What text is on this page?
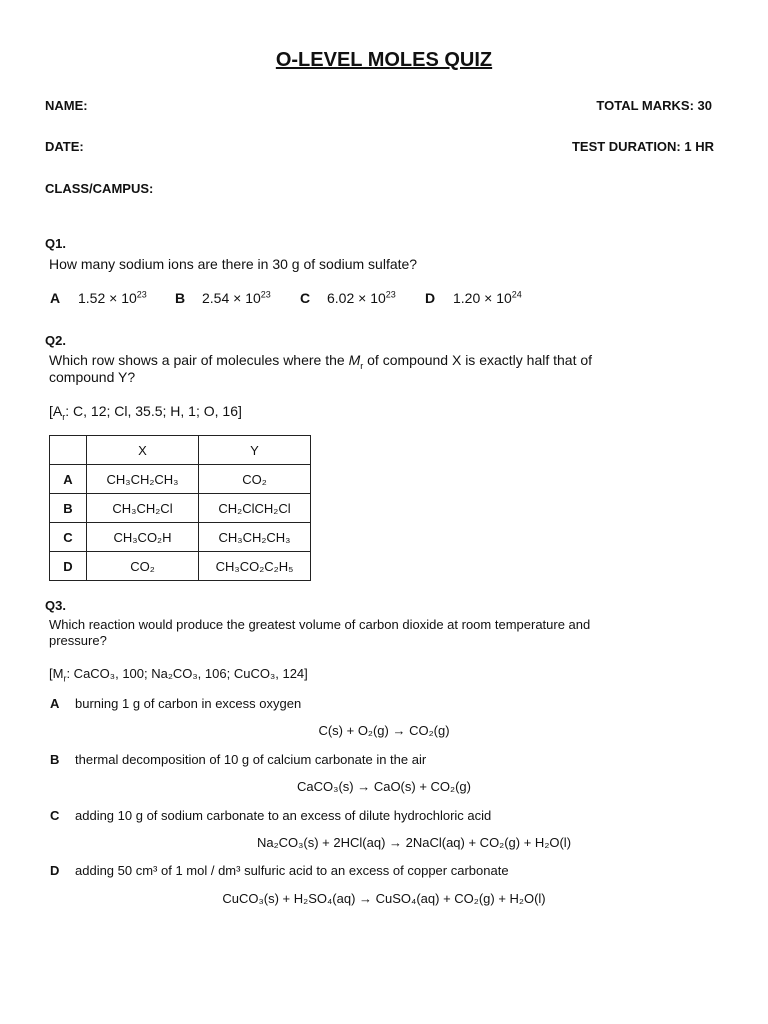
O-LEVEL MOLES QUIZ
NAME:	TOTAL MARKS: 30
DATE:	TEST DURATION: 1 HR
CLASS/CAMPUS:
Q1.
How many sodium ions are there in 30 g of sodium sulfate?
A $1.52 \times 10^{23}$ B $2.54 \times 10^{23}$ C $6.02 \times 10^{23}$ D $1.20 \times 10^{24}$
Q2.
Which row shows a pair of molecules where the $M_r$ of compound X is exactly half that of compound Y?
[$A_r$: C, 12; Cl, 35.5; H, 1; O, 16]
	X	Y
A	CH₃CH₂CH₃	CO₂
B	CH₃CH₂Cl	CH₂ClCH₂Cl
C	CH₃CO₂H	CH₃CH₂CH₃
D	CO₂	CH₃CO₂C₂H₅
Q3.
Which reaction would produce the greatest volume of carbon dioxide at room temperature and pressure?
[$M_r$: CaCO₃, 100; Na₂CO₃, 106; CuCO₃, 124]
A burning 1 g of carbon in excess oxygen
C(s) + O₂(g) → CO₂(g)
B thermal decomposition of 10 g of calcium carbonate in the air
CaCO₃(s) → CaO(s) + CO₂(g)
C adding 10 g of sodium carbonate to an excess of dilute hydrochloric acid
Na₂CO₃(s) + 2HCl(aq) → 2NaCl(aq) + CO₂(g) + H₂O(l)
D adding 50 cm³ of 1 mol / dm³ sulfuric acid to an excess of copper carbonate
CuCO₃(s) + H₂SO₄(aq) → CuSO₄(aq) + CO₂(g) + H₂O(l)
